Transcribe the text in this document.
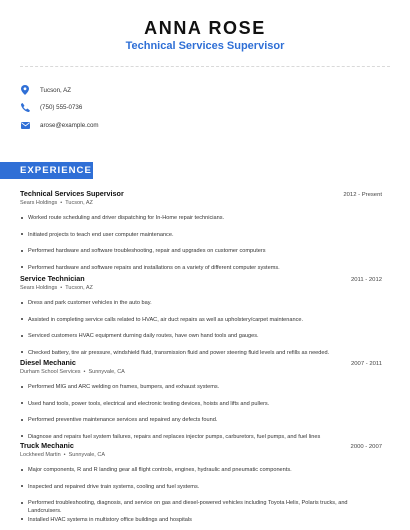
ANNA ROSE
Technical Services Supervisor
Tucson, AZ
(750) 555-0736
arose@example.com
EXPERIENCE
Technical Services Supervisor	2012 - Present
Sears Holdings • Tucson, AZ
Worked route scheduling and driver dispatching for In-Home repair technicians.
Initiated projects to teach end user computer maintenance.
Performed hardware and software troubleshooting, repair and upgrades on customer computers
Performed hardware and software repairs and installations on a variety of different computer systems.
Service Technician	2011 - 2012
Sears Holdings • Tucson, AZ
Dress and park customer vehicles in the auto bay.
Assisted in completing service calls related to HVAC, air duct repairs as well as upholstery/carpet maintenance.
Serviced customers HVAC equipment durning daily routes, have own hand tools and gauges.
Checked battery, tire air pressure, windshield fluid, transmission fluid and power steering fluid levels and refills as needed.
Diesel Mechanic	2007 - 2011
Durham School Services • Sunnyvale, CA
Performed MIG and ARC welding on frames, bumpers, and exhaust systems.
Used hand tools, power tools, electrical and electronic testing devices, hoists and lifts and pullers.
Performed preventive maintenance services and repaired any defects found.
Diagnose and repairs fuel system failures, repairs and replaces injector pumps, carburetors, fuel pumps, and fuel lines
Truck Mechanic	2000 - 2007
Lockheed Martin • Sunnyvale, CA
Major components, R and R landing gear all flight controls, engines, hydraulic and pneumatic components.
Inspected and repaired drive train systems, cooling and fuel systems.
Performed troubleshooting, diagnosis, and service on gas and diesel-powered vehicles including Toyota Helix, Polaris trucks, and Landcruisers.
Installed HVAC systems in multistory office buildings and hospitals
